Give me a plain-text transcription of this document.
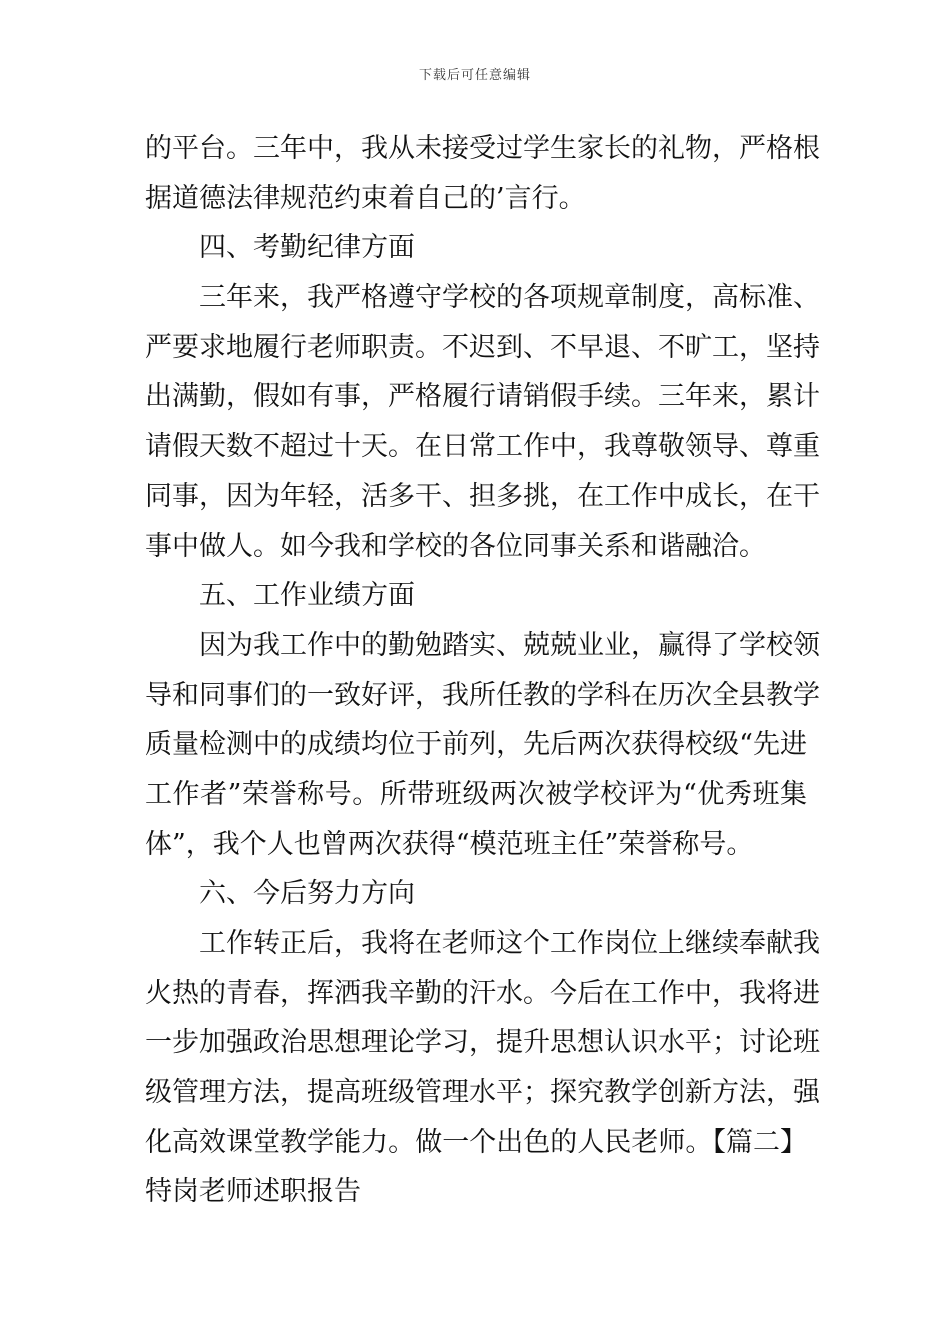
下载后可任意编辑
的平台。三年中，我从未接受过学生家长的礼物，严格根
据道德法律规范约束着自己的’言行。
四、考勤纪律方面
三年来，我严格遵守学校的各项规章制度，高标准、
严要求地履行老师职责。不迟到、不早退、不旷工，坚持
出满勤，假如有事，严格履行请销假手续。三年来，累计
请假天数不超过十天。在日常工作中，我尊敬领导、尊重
同事，因为年轻，活多干、担多挑，在工作中成长，在干
事中做人。如今我和学校的各位同事关系和谐融洽。
五、工作业绩方面
因为我工作中的勤勉踏实、兢兢业业，赢得了学校领
导和同事们的一致好评，我所任教的学科在历次全县教学
质量检测中的成绩均位于前列，先后两次获得校级“先进
工作者”荣誉称号。所带班级两次被学校评为“优秀班集
体”，我个人也曾两次获得“模范班主任”荣誉称号。
六、今后努力方向
工作转正后，我将在老师这个工作岗位上继续奉献我
火热的青春，挥洒我辛勤的汗水。今后在工作中，我将进
一步加强政治思想理论学习，提升思想认识水平；讨论班
级管理方法，提高班级管理水平；探究教学创新方法，强
化高效课堂教学能力。做一个出色的人民老师。【篇二】
特岗老师述职报告
